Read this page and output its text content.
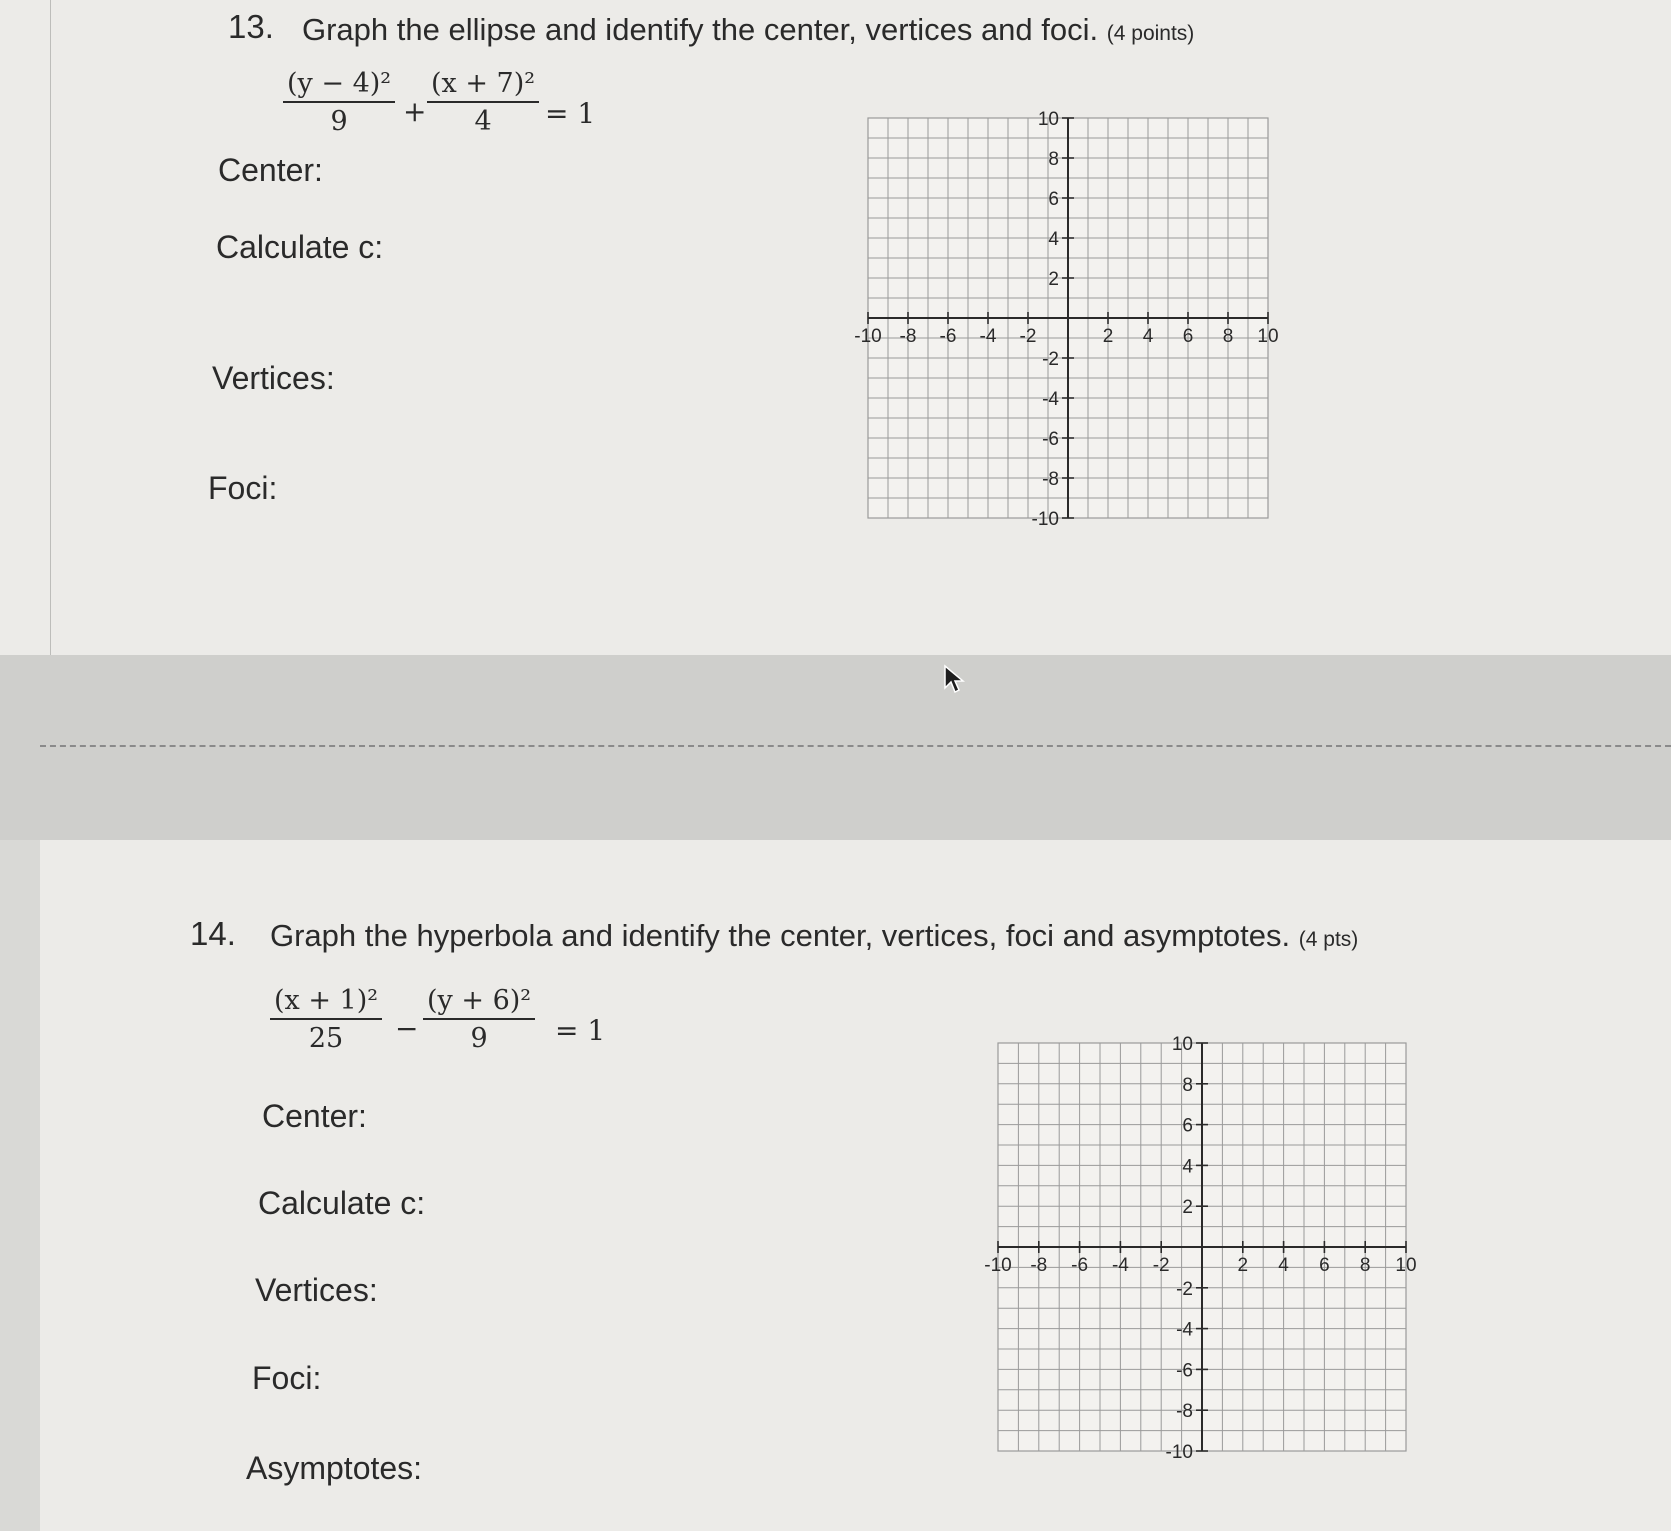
13. Graph the ellipse and identify the center, vertices and foci. (4 points)
$\frac{\text{(y − 4)²}}{9} + \frac{\text{(x + 7)²}}{4} = 1$
Center:
Calculate c:
Vertices:
Foci:
-10 -8 -6 -4 -2	2 4 6 8 10
10
8
6
4
2
-2
-4
-6
-8
-10
14. Graph the hyperbola and identify the center, vertices, foci and asymptotes. (4 pts)
$\frac{\text{(x + 1)²}}{25} - \frac{\text{(y + 6)²}}{9} = 1$
Center:
Calculate c:
Vertices:
Foci:
Asymptotes:
-10 -8 -6 -4 -2	2 4 6 8 10
10
8
6
4
2
-2
-4
-6
-8
-10
